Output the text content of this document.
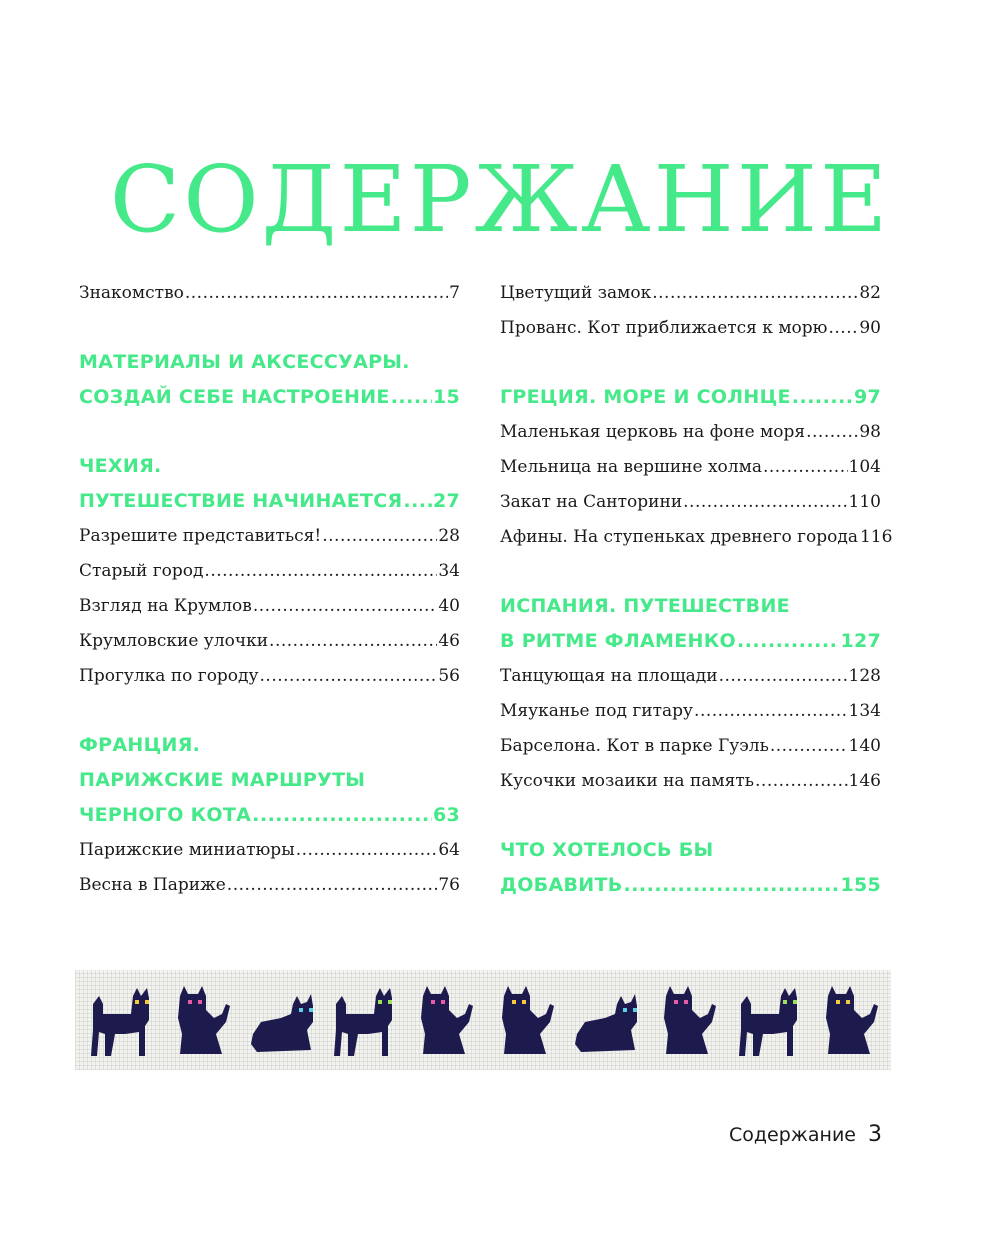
СОДЕРЖАНИЕ
Знакомство .....	7
МАТЕРИАЛЫ И АКСЕССУАРЫ.
СОЗДАЙ СЕБЕ НАСТРОЕНИЕ ..... 15
ЧЕХИЯ.
ПУТЕШЕСТВИЕ НАЧИНАЕТСЯ ..... 27
Разрешите представиться! .....	28
Старый город .....	34
Взгляд на Крумлов .....	40
Крумловские улочки .....	46
Прогулка по городу .....	56
ФРАНЦИЯ.
ПАРИЖСКИЕ МАРШРУТЫ
ЧЕРНОГО КОТА .....	63
Парижские миниатюры .....	64
Весна в Париже .....	76
Цветущий замок .....	82
Прованс. Кот приближается к морю ..... 90
ГРЕЦИЯ. МОРЕ И СОЛНЦЕ .....	97
Маленькая церковь на фоне моря .....	98
Мельница на вершине холма .....	104
Закат на Санторини .....	110
Афины. На ступеньках древнего города 116
ИСПАНИЯ. ПУТЕШЕСТВИЕ
В РИТМЕ ФЛАМЕНКО .....	127
Танцующая на площади .....	128
Мяуканье под гитару .....	134
Барселона. Кот в парке Гуэль .....	140
Кусочки мозаики на память .....	146
ЧТО ХОТЕЛОСЬ БЫ
ДОБАВИТЬ .....	155
Содержание 3
